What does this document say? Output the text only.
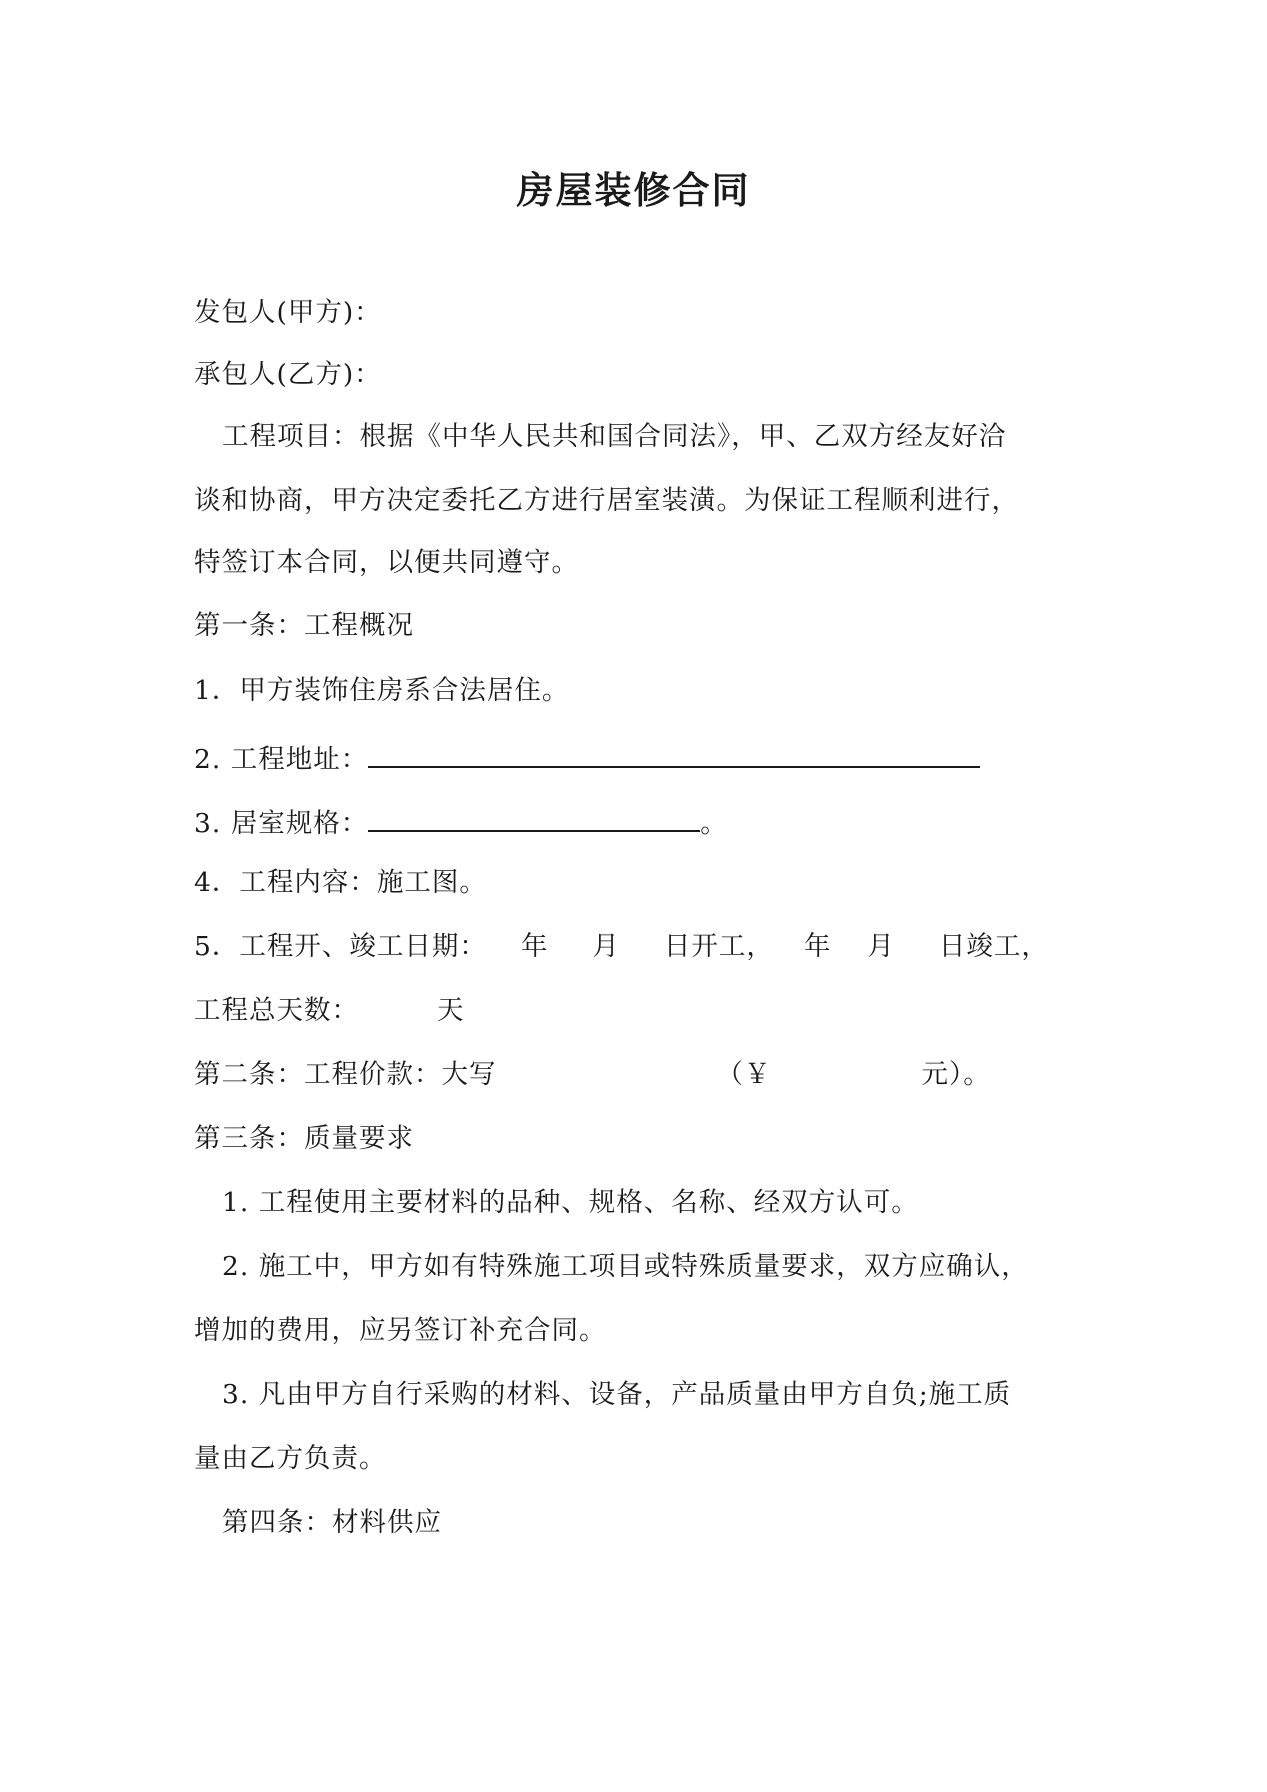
房屋装修合同
发包人(甲方)：
承包人(乙方)：
工程项目：根据《中华人民共和国合同法》，甲、乙双方经友好洽
谈和协商，甲方决定委托乙方进行居室装潢。为保证工程顺利进行，
特签订本合同，以便共同遵守。
第一条：工程概况
1．甲方装饰住房系合法居住。
2. 工程地址：
3. 居室规格：	。
4．工程内容：施工图。
5．工程开、竣工日期： 年 月 日开工， 年 月 日竣工，
工程总天数：	天
第二条：工程价款：大写	（￥	元）。
第三条：质量要求
1. 工程使用主要材料的品种、规格、名称、经双方认可。
2. 施工中，甲方如有特殊施工项目或特殊质量要求，双方应确认，
增加的费用，应另签订补充合同。
3. 凡由甲方自行采购的材料、设备，产品质量由甲方自负;施工质
量由乙方负责。
第四条：材料供应
